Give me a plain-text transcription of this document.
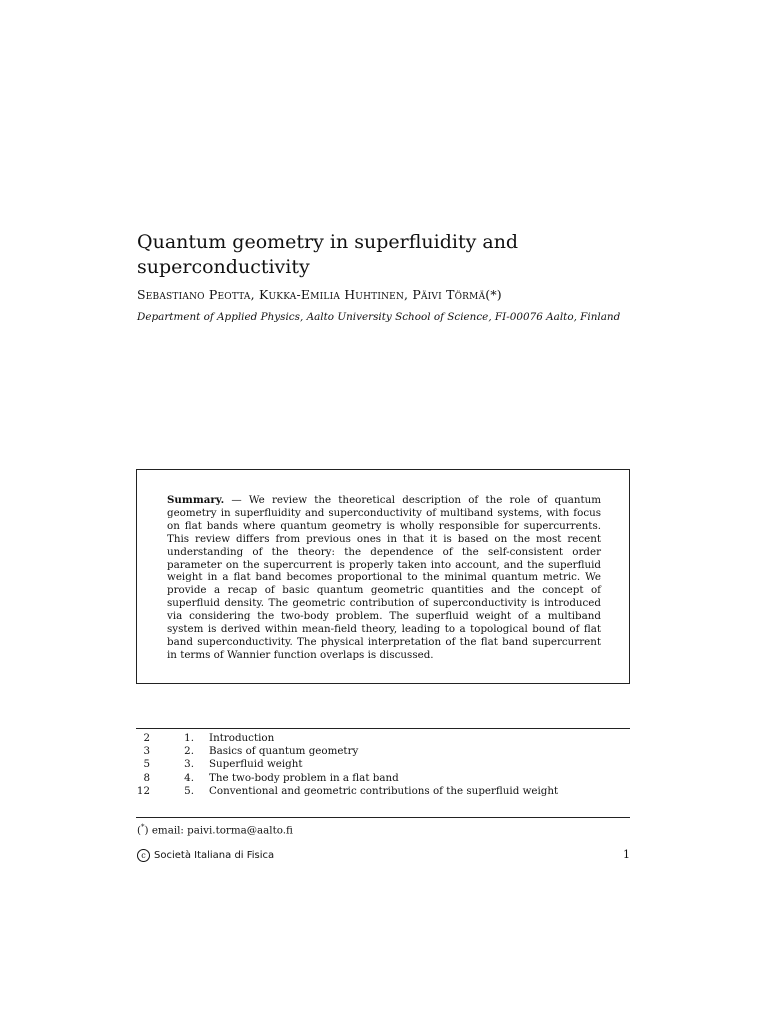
Quantum geometry in superfluidity and superconductivity
Sebastiano Peotta, Kukka-Emilia Huhtinen, Päivi Törmä(*)
Department of Applied Physics, Aalto University School of Science, FI-00076 Aalto, Finland
Summary. — We review the theoretical description of the role of quantum geometry in superfluidity and superconductivity of multiband systems, with focus on flat bands where quantum geometry is wholly responsible for supercurrents. This review differs from previous ones in that it is based on the most recent understanding of the theory: the dependence of the self-consistent order parameter on the supercurrent is properly taken into account, and the superfluid weight in a flat band becomes proportional to the minimal quantum metric. We provide a recap of basic quantum geometric quantities and the concept of superfluid density. The geometric contribution of superconductivity is introduced via considering the two-body problem. The superfluid weight of a multiband system is derived within mean-field theory, leading to a topological bound of flat band superconductivity. The physical interpretation of the flat band supercurrent in terms of Wannier function overlaps is discussed.
2	1. Introduction
3	2. Basics of quantum geometry
5	3. Superfluid weight
8	4. The two-body problem in a flat band
12	5. Conventional and geometric contributions of the superfluid weight
(*) email: paivi.torma@aalto.fi
c Società Italiana di Fisica	1
